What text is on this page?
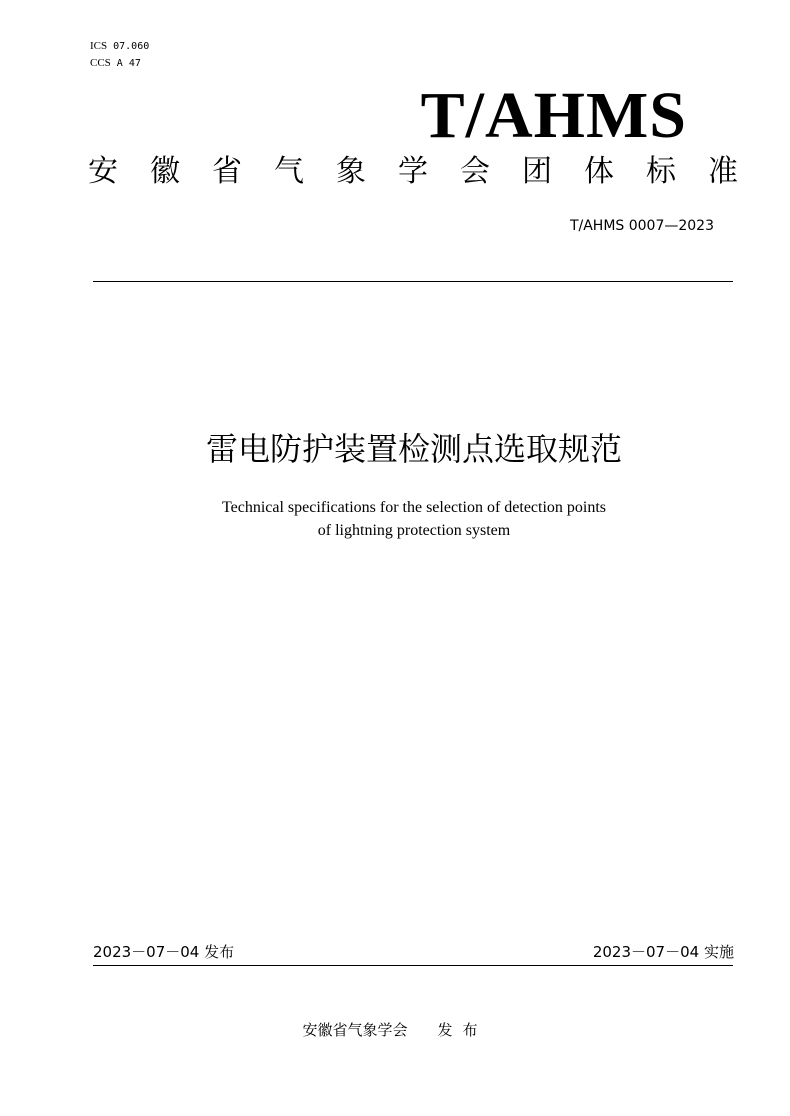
ICS 07.060
CCS A 47
T/AHMS
安 徽 省 气 象 学 会 团 体 标 准
T/AHMS 0007—2023
雷电防护装置检测点选取规范
Technical specifications for the selection of detection points
of lightning protection system
2023－07－04 发布	2023－07－04 实施
安徽省气象学会 发布
